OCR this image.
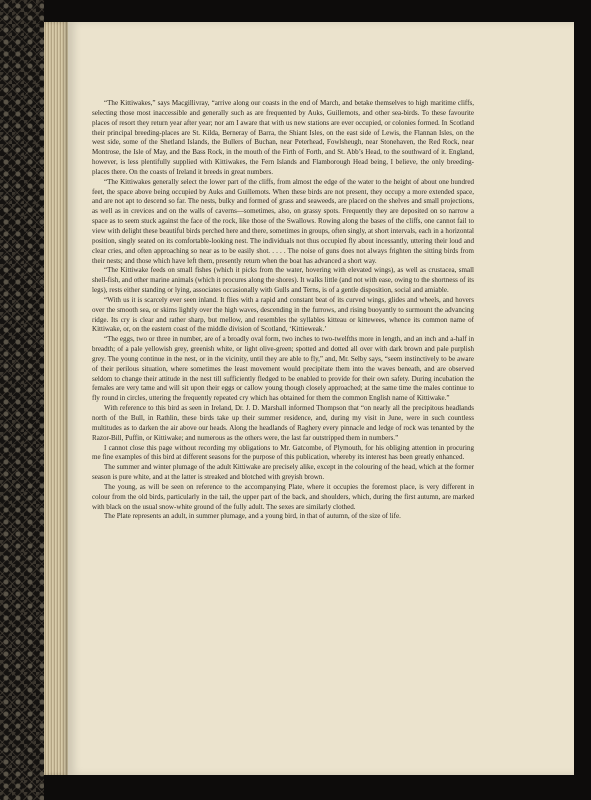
“The Kittiwakes,” says Macgillivray, “arrive along our coasts in the end of March, and betake themselves to high maritime cliffs, selecting those most inaccessible and generally such as are frequented by Auks, Guillemots, and other sea-birds. To these favourite places of resort they return year after year; nor am I aware that with us new stations are ever occupied, or colonies formed. In Scotland their principal breeding-places are St. Kilda, Berneray of Barra, the Shiant Isles, on the east side of Lewis, the Flannan Isles, on the west side, some of the Shetland Islands, the Bullers of Buchan, near Peterhead, Fowlsheugh, near Stonehaven, the Red Rock, near Montrose, the Isle of May, and the Bass Rock, in the mouth of the Firth of Forth, and St. Abb’s Head, to the southward of it. England, however, is less plentifully supplied with Kittiwakes, the Fern Islands and Flamborough Head being, I believe, the only breeding-places there. On the coasts of Ireland it breeds in great numbers.

“The Kittiwakes generally select the lower part of the cliffs, from almost the edge of the water to the height of about one hundred feet, the space above being occupied by Auks and Guillemots. When these birds are not present, they occupy a more extended space, and are not apt to descend so far. The nests, bulky and formed of grass and seaweeds, are placed on the shelves and small projections, as well as in crevices and on the walls of caverns—sometimes, also, on grassy spots. Frequently they are deposited on so narrow a space as to seem stuck against the face of the rock, like those of the Swallows. Rowing along the bases of the cliffs, one cannot fail to view with delight these beautiful birds perched here and there, sometimes in groups, often singly, at short intervals, each in a horizontal position, singly seated on its comfortable-looking nest. The individuals not thus occupied fly about incessantly, uttering their loud and clear cries, and often approaching so near as to be easily shot. . . . . The noise of guns does not always frighten the sitting birds from their nests; and those which have left them, presently return when the boat has advanced a short way.

“The Kittiwake feeds on small fishes (which it picks from the water, hovering with elevated wings), as well as crustacea, small shell-fish, and other marine animals (which it procures along the shores). It walks little (and not with ease, owing to the shortness of its legs), rests either standing or lying, associates occasionally with Gulls and Terns, is of a gentle disposition, social and amiable.

“With us it is scarcely ever seen inland. It flies with a rapid and constant beat of its curved wings, glides and wheels, and hovers over the smooth sea, or skims lightly over the high waves, descending in the furrows, and rising buoyantly to surmount the advancing ridge. Its cry is clear and rather sharp, but mellow, and resembles the syllables kitteau or kittewees, whence its common name of Kittiwake, or, on the eastern coast of the middle division of Scotland, ‘Kittieweak.’

“The eggs, two or three in number, are of a broadly oval form, two inches to two-twelfths more in length, and an inch and a-half in breadth; of a pale yellowish grey, greenish white, or light olive-green; spotted and dotted all over with dark brown and pale purplish grey. The young continue in the nest, or in the vicinity, until they are able to fly,” and, Mr. Selby says, “seem instinctively to be aware of their perilous situation, where sometimes the least movement would precipitate them into the waves beneath, and are observed seldom to change their attitude in the nest till sufficiently fledged to be enabled to provide for their own safety. During incubation the females are very tame and will sit upon their eggs or callow young though closely approached; at the same time the males continue to fly round in circles, uttering the frequently repeated cry which has obtained for them the common English name of Kittiwake.”

With reference to this bird as seen in Ireland, Dr. J. D. Marshall informed Thompson that “on nearly all the precipitous headlands north of the Bull, in Rathlin, these birds take up their summer residence, and, during my visit in June, were in such countless multitudes as to darken the air above our heads. Along the headlands of Raghery every pinnacle and ledge of rock was tenanted by the Razor-Bill, Puffin, or Kittiwake; and numerous as the others were, the last far outstripped them in numbers.”

I cannot close this page without recording my obligations to Mr. Gatcombe, of Plymouth, for his obliging attention in procuring me fine examples of this bird at different seasons for the purpose of this publication, whereby its interest has been greatly enhanced.

The summer and winter plumage of the adult Kittiwake are precisely alike, except in the colouring of the head, which at the former season is pure white, and at the latter is streaked and blotched with greyish brown.

The young, as will be seen on reference to the accompanying Plate, where it occupies the foremost place, is very different in colour from the old birds, particularly in the tail, the upper part of the back, and shoulders, which, during the first autumn, are marked with black on the usual snow-white ground of the fully adult. The sexes are similarly clothed.

The Plate represents an adult, in summer plumage, and a young bird, in that of autumn, of the size of life.
